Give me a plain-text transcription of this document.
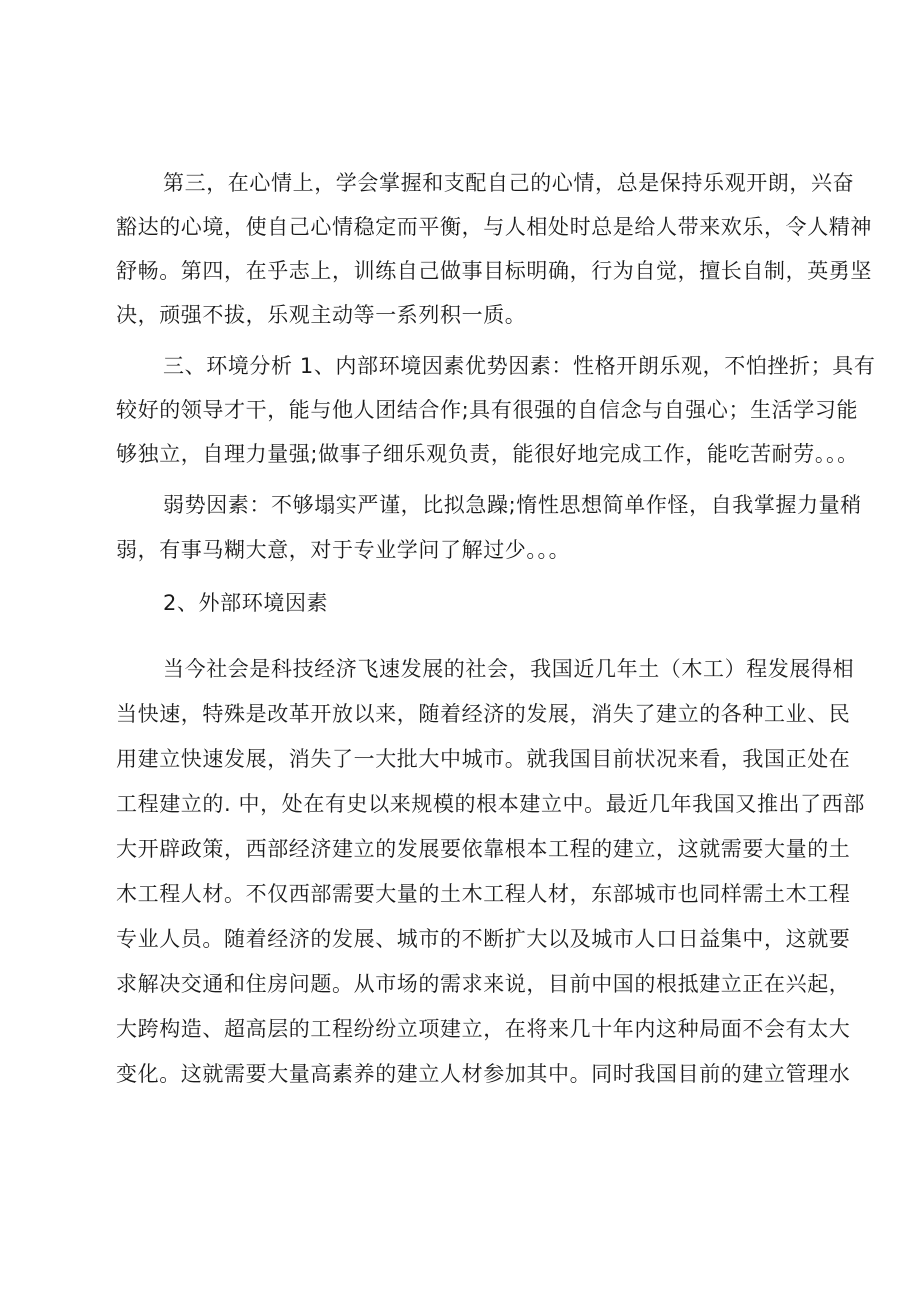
第三，在心情上，学会掌握和支配自己的心情，总是保持乐观开朗，兴奋
豁达的心境，使自己心情稳定而平衡，与人相处时总是给人带来欢乐，令人精神
舒畅。第四，在乎志上，训练自己做事目标明确，行为自觉，擅长自制，英勇坚
决，顽强不拔，乐观主动等一系列积一质。
三、环境分析 1、内部环境因素优势因素：性格开朗乐观，不怕挫折；具有
较好的领导才干，能与他人团结合作;具有很强的自信念与自强心；生活学习能
够独立，自理力量强;做事子细乐观负责，能很好地完成工作，能吃苦耐劳。。。
弱势因素：不够塌实严谨，比拟急躁;惰性思想简单作怪，自我掌握力量稍
弱，有事马糊大意，对于专业学问了解过少。。。
2、外部环境因素
当今社会是科技经济飞速发展的社会，我国近几年土（木工）程发展得相
当快速，特殊是改革开放以来，随着经济的发展，消失了建立的各种工业、民
用建立快速发展，消失了一大批大中城市。就我国目前状况来看，我国正处在
工程建立的. 中，处在有史以来规模的根本建立中。最近几年我国又推出了西部
大开辟政策，西部经济建立的发展要依靠根本工程的建立，这就需要大量的土
木工程人材。不仅西部需要大量的土木工程人材，东部城市也同样需土木工程
专业人员。随着经济的发展、城市的不断扩大以及城市人口日益集中，这就要
求解决交通和住房问题。从市场的需求来说，目前中国的根抵建立正在兴起，
大跨构造、超高层的工程纷纷立项建立，在将来几十年内这种局面不会有太大
变化。这就需要大量高素养的建立人材参加其中。同时我国目前的建立管理水
